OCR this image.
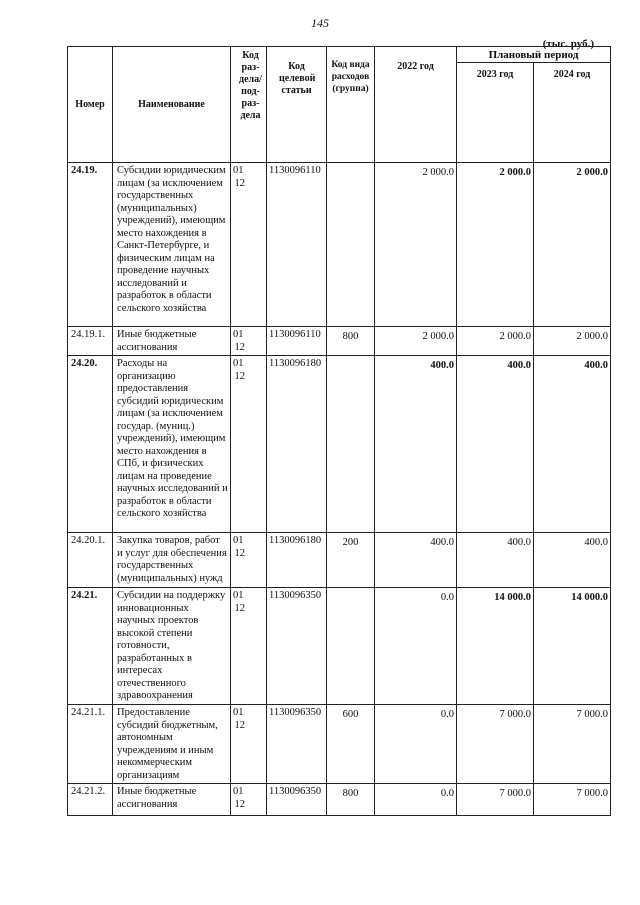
145
(тыс. руб.)
Номер	Наименование	Код раз- дела/ под- раз- дела	Код целевой статьи	Код вида расходов (группа)	2022 год	Плановый период	
						2023 год	2024 год
24.19.	Субсидии юридическим лицам (за исключением государственных (муниципальных) учреждений), имеющим место нахождения в Санкт-Петербурге, и физическим лицам на проведение научных исследований и разработок в области сельского хозяйства	0112	1130096110		2 000.0	2 000.0	2 000.0
24.19.1.	Иные бюджетные ассигнования	0112	1130096110	800	2 000.0	2 000.0	2 000.0
24.20.	Расходы на организацию предоставления субсидий юридическим лицам (за исключением государ. (муниц.) учреждений), имеющим место нахождения в СПб, и физических лицам на проведение научных исследований и разработок в области сельского хозяйства	0112	1130096180		400.0	400.0	400.0
24.20.1.	Закупка товаров, работ и услуг для обеспечения государственных (муниципальных) нужд	0112	1130096180	200	400.0	400.0	400.0
24.21.	Субсидии на поддержку инновационных научных проектов высокой степени готовности, разработанных в интересах отечественного здравоохранения	0112	1130096350		0.0	14 000.0	14 000.0
24.21.1.	Предоставление субсидий бюджетным, автономным учреждениям и иным некоммерческим организациям	0112	1130096350	600	0.0	7 000.0	7 000.0
24.21.2.	Иные бюджетные ассигнования	0112	1130096350	800	0.0	7 000.0	7 000.0
